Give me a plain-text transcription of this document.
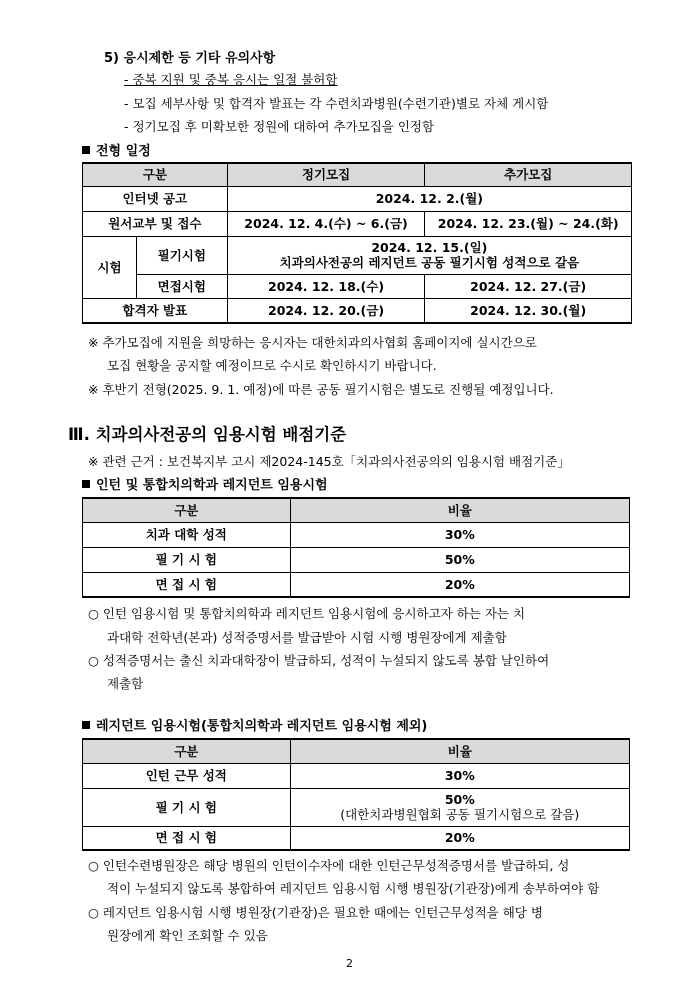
5) 응시제한 등 기타 유의사항
- 중복 지원 및 중복 응시는 일절 불허함
- 모집 세부사항 및 합격자 발표는 각 수련치과병원(수련기관)별로 자체 게시함
- 정기모집 후 미확보한 정원에 대하여 추가모집을 인정함
전형 일정
구분		정기모집	추가모집
인터넷 공고		2024. 12. 2.(월)	
원서교부 및 접수		2024. 12. 4.(수) ~ 6.(금)	2024. 12. 23.(월) ~ 24.(화)
시험	필기시험	2024. 12. 15.(일)
치과의사전공의 레지던트 공동 필기시험 성적으로 갈음	

	면접시험	2024. 12. 18.(수)	2024. 12. 27.(금)
합격자 발표		2024. 12. 20.(금)	2024. 12. 30.(월)
※ 추가모집에 지원을 희망하는 응시자는 대한치과의사협회 홈페이지에 실시간으로
모집 현황을 공지할 예정이므로 수시로 확인하시기 바랍니다.
※ 후반기 전형(2025. 9. 1. 예정)에 따른 공동 필기시험은 별도로 진행될 예정입니다.
Ⅲ. 치과의사전공의 임용시험 배점기준
※ 관련 근거 : 보건복지부 고시 제2024-145호「치과의사전공의의 임용시험 배점기준」
인턴 및 통합치의학과 레지던트 임용시험
구분	비율
치과 대학 성적	30%
필 기 시 험	50%
면 접 시 험	20%
○ 인턴 임용시험 및 통합치의학과 레지던트 임용시험에 응시하고자 하는 자는 치
과대학 전학년(본과) 성적증명서를 발급받아 시험 시행 병원장에게 제출함
○ 성적증명서는 출신 치과대학장이 발급하되, 성적이 누설되지 않도록 봉합 날인하여
제출함
레지던트 임용시험(통합치의학과 레지던트 임용시험 제외)
구분	비율
인턴 근무 성적	30%
필 기 시 험	50%
(대한치과병원협회 공동 필기시험으로 갈음)

면 접 시 험	20%
○ 인턴수련병원장은 해당 병원의 인턴이수자에 대한 인턴근무성적증명서를 발급하되, 성
적이 누설되지 않도록 봉합하여 레지던트 임용시험 시행 병원장(기관장)에게 송부하여야 함
○ 레지던트 임용시험 시행 병원장(기관장)은 필요한 때에는 인턴근무성적을 해당 병
원장에게 확인 조회할 수 있음
2
